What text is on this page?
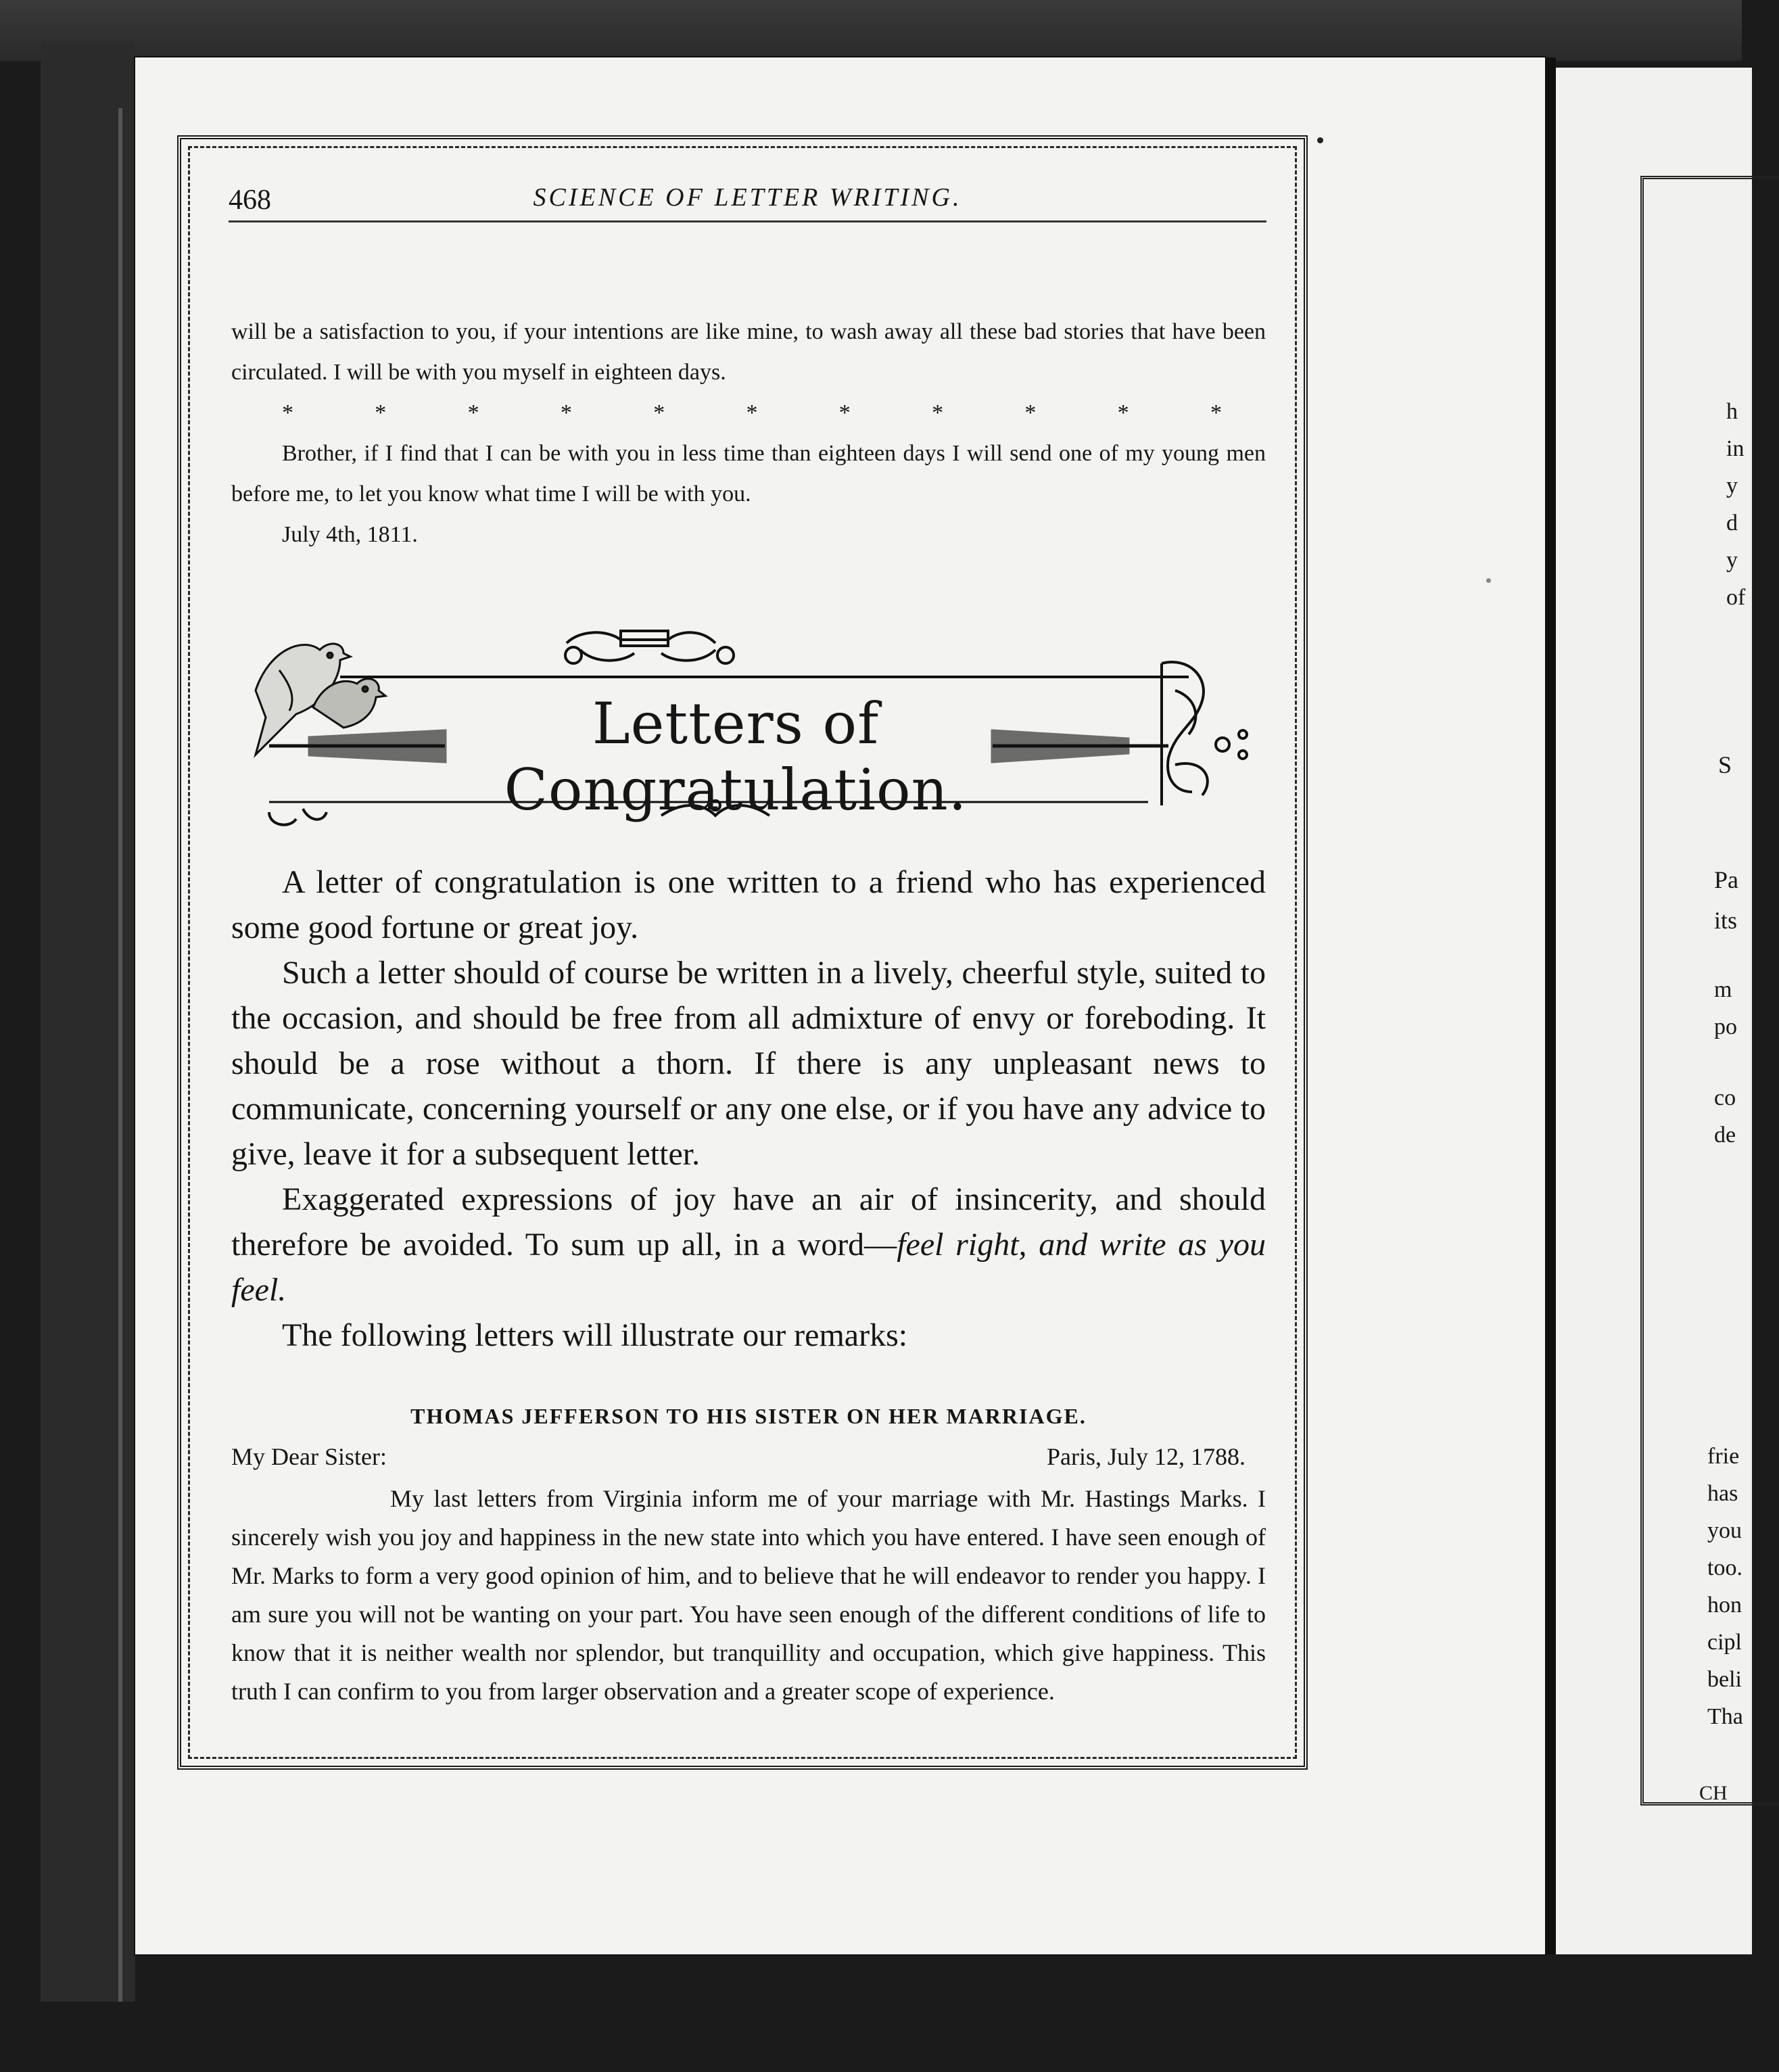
h
in
y
d
y
of
S
Pa
its
m
po
co
de
frie
has
you
too.
hon
cipl
beli
Tha
CH
468	SCIENCE OF LETTER WRITING.

will be a satisfaction to you, if your intentions are like mine, to wash away all these bad stories that have been circulated. I will be with you myself in eighteen days.

*	*	*	*	*	*	*	*	*	*	*

Brother, if I find that I can be with you in less time than eighteen days I will send one of my young men before me, to let you know what time I will be with you.

July 4th, 1811.

Letters of Congratulation.

A letter of congratulation is one written to a friend who has experienced some good fortune or great joy.

Such a letter should of course be written in a lively, cheerful style, suited to the occasion, and should be free from all admixture of envy or foreboding. It should be a rose without a thorn. If there is any unpleasant news to communicate, concerning yourself or any one else, or if you have any advice to give, leave it for a subsequent letter.

Exaggerated expressions of joy have an air of insincerity, and should therefore be avoided. To sum up all, in a word—feel right, and write as you feel.

The following letters will illustrate our remarks:

THOMAS JEFFERSON TO HIS SISTER ON HER MARRIAGE.
My Dear Sister:	Paris, July 12, 1788.

My last letters from Virginia inform me of your marriage with Mr. Hastings Marks. I sincerely wish you joy and happiness in the new state into which you have entered. I have seen enough of Mr. Marks to form a very good opinion of him, and to believe that he will endeavor to render you happy. I am sure you will not be wanting on your part. You have seen enough of the different conditions of life to know that it is neither wealth nor splendor, but tranquillity and occupation, which give happiness. This truth I can confirm to you from larger observation and a greater scope of experience.
